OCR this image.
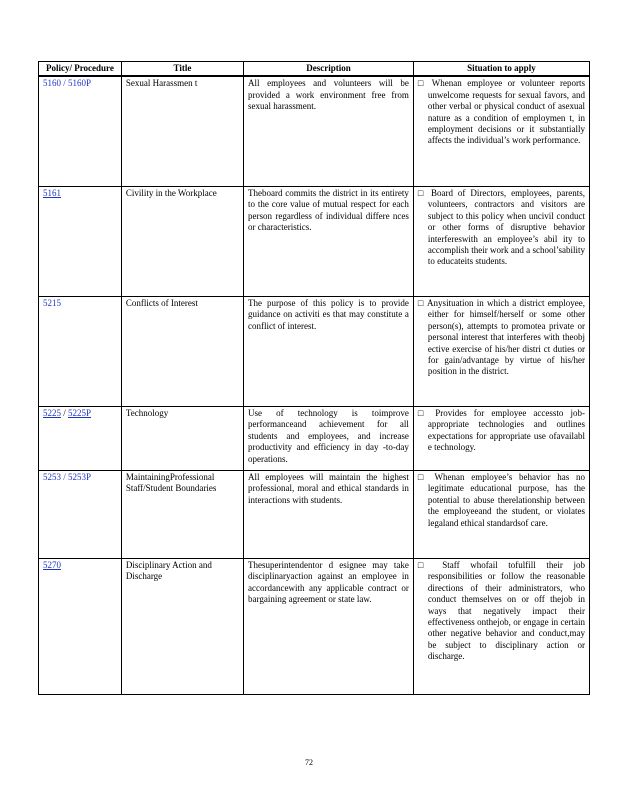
Policy/ Procedure	Title	Description	Situation to apply
5160 / 5160P	Sexual Harassmen t	All employees and volunteers will be provided a work environment free from sexual harassment.	□ Whenan employee or volunteer reports unwelcome requests for sexual favors, and other verbal or physical conduct of asexual nature as a condition of employmen t, in employment decisions or it substantially affects the individual’s work performance.

5161	Civility in the Workplace	Theboard commits the district in its entirety to the core value of mutual respect for each person regardless of individual differe nces or characteristics.	□ Board of Directors, employees, parents, volunteers, contractors and visitors are subject to this policy when uncivil conduct or other forms of disruptive behavior interfereswith an employee’s abil ity to accomplish their work and a school’sability to educateits students.

5215	Conflicts of Interest	The purpose of this policy is to provide guidance on activiti es that may constitute a conflict of interest.	□ Anysituation in which a district employee, either for himself/herself or some other person(s), attempts to promotea private or personal interest that interferes with theobj ective exercise of his/her distri ct duties or for gain/advantage by virtue of his/her position in the district.

5225 / 5225P	Technology	Use of technology is toimprove performanceand achievement for all students and employees, and increase productivity and efficiency in day -to-day operations.	□ Provides for employee accessto job-appropriate technologies and outlines expectations for appropriate use ofavailabl e technology.

5253 / 5253P	MaintainingProfessional Staff/Student Boundaries	All employees will maintain the highest professional, moral and ethical standards in interactions with students.	□ Whenan employee’s behavior has no legitimate educational purpose, has the potential to abuse therelationship between the employeeand the student, or violates legaland ethical standardsof care.

5270	Disciplinary Action and Discharge	Thesuperintendentor d esignee may take disciplinaryaction against an employee in accordancewith any applicable contract or bargaining agreement or state law.	□ Staff whofail tofulfill their job responsibilities or follow the reasonable directions of their administrators, who conduct themselves on or off thejob in ways that negatively impact their effectiveness onthejob, or engage in certain other negative behavior and conduct,may be subject to disciplinary action or discharge.
72
